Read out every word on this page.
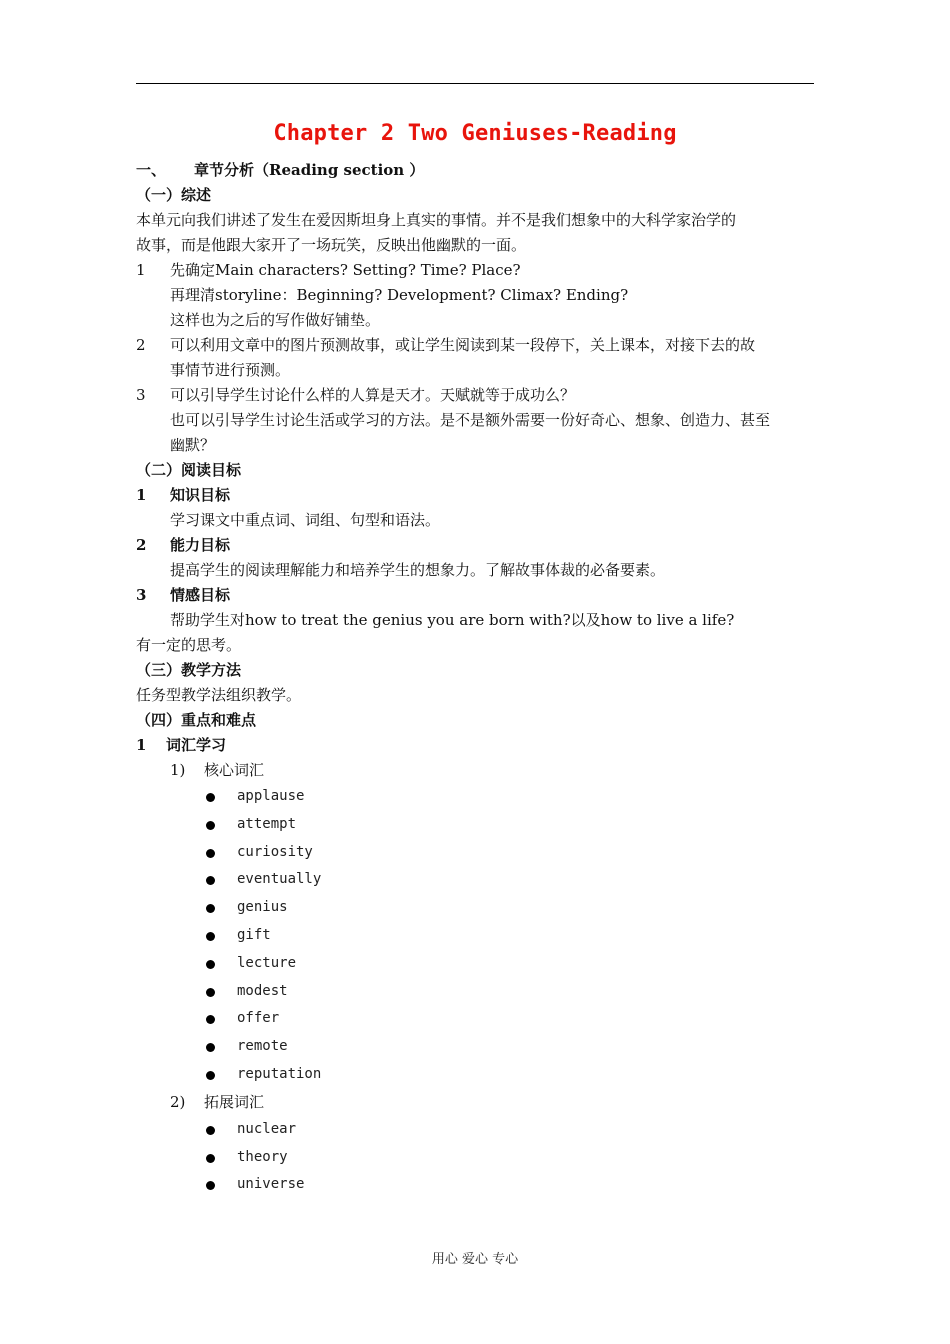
Chapter 2 Two Geniuses-Reading
一、 章节分析（Reading section ）
（一）综述
本单元向我们讲述了发生在爱因斯坦身上真实的事情。并不是我们想象中的大科学家治学的
故事，而是他跟大家开了一场玩笑，反映出他幽默的一面。
1 先确定Main characters? Setting? Time? Place?
再理清storyline：Beginning? Development? Climax? Ending?
这样也为之后的写作做好铺垫。
2 可以利用文章中的图片预测故事，或让学生阅读到某一段停下，关上课本，对接下去的故
事情节进行预测。
3 可以引导学生讨论什么样的人算是天才。天赋就等于成功么？
也可以引导学生讨论生活或学习的方法。是不是额外需要一份好奇心、想象、创造力、甚至
幽默？
（二）阅读目标
1 知识目标
学习课文中重点词、词组、句型和语法。
2 能力目标
提高学生的阅读理解能力和培养学生的想象力。了解故事体裁的必备要素。
3 情感目标
帮助学生对how to treat the genius you are born with?以及how to live a life?
有一定的思考。
（三）教学方法
任务型教学法组织教学。
（四）重点和难点
1 词汇学习
1) 核心词汇
applause
attempt
curiosity
eventually
genius
gift
lecture
modest
offer
remote
reputation
2) 拓展词汇
nuclear
theory
universe
用心 爱心 专心
